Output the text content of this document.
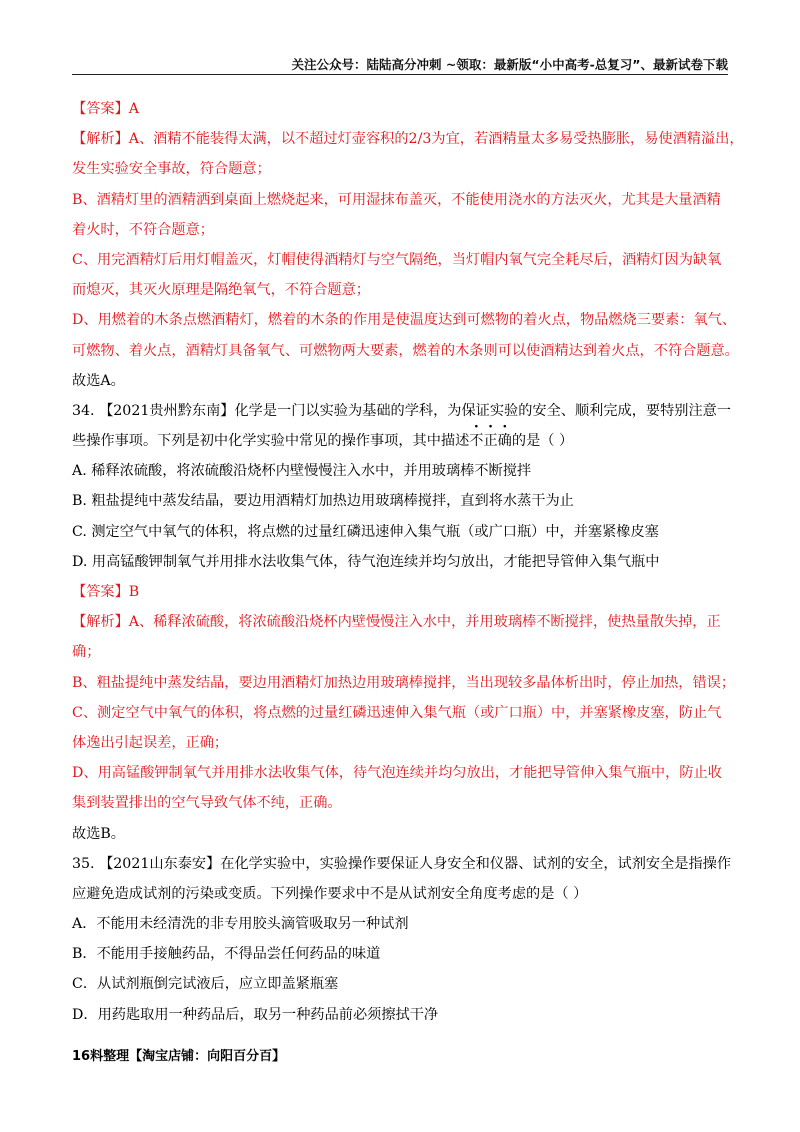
关注公众号：陆陆高分冲刺 ~领取：最新版“小中高考-总复习”、最新试卷下载
【答案】A
【解析】A、酒精不能装得太满，以不超过灯壶容积的2/3为宜，若酒精量太多易受热膨胀，易使酒精溢出，
发生实验安全事故，符合题意；
B、酒精灯里的酒精洒到桌面上燃烧起来，可用湿抹布盖灭，不能使用浇水的方法灭火，尤其是大量酒精
着火时，不符合题意；
C、用完酒精灯后用灯帽盖灭，灯帽使得酒精灯与空气隔绝，当灯帽内氧气完全耗尽后，酒精灯因为缺氧
而熄灭，其灭火原理是隔绝氧气，不符合题意；
D、用燃着的木条点燃酒精灯，燃着的木条的作用是使温度达到可燃物的着火点，物品燃烧三要素：氧气、
可燃物、着火点，酒精灯具备氧气、可燃物两大要素，燃着的木条则可以使酒精达到着火点，不符合题意。
故选A。
34. 【2021贵州黔东南】化学是一门以实验为基础的学科，为保证实验的安全、顺利完成，要特别注意一
些操作事项。下列是初中化学实验中常见的操作事项，其中描述不正确的是（ ）
A. 稀释浓硫酸，将浓硫酸沿烧杯内壁慢慢注入水中，并用玻璃棒不断搅拌
B. 粗盐提纯中蒸发结晶，要边用酒精灯加热边用玻璃棒搅拌，直到将水蒸干为止
C. 测定空气中氧气的体积，将点燃的过量红磷迅速伸入集气瓶（或广口瓶）中，并塞紧橡皮塞
D. 用高锰酸钾制氧气并用排水法收集气体，待气泡连续并均匀放出，才能把导管伸入集气瓶中
【答案】B
【解析】A、稀释浓硫酸，将浓硫酸沿烧杯内壁慢慢注入水中，并用玻璃棒不断搅拌，使热量散失掉，正
确；
B、粗盐提纯中蒸发结晶，要边用酒精灯加热边用玻璃棒搅拌，当出现较多晶体析出时，停止加热，错误；
C、测定空气中氧气的体积，将点燃的过量红磷迅速伸入集气瓶（或广口瓶）中，并塞紧橡皮塞，防止气
体逸出引起误差，正确；
D、用高锰酸钾制氧气并用排水法收集气体，待气泡连续并均匀放出，才能把导管伸入集气瓶中，防止收
集到装置排出的空气导致气体不纯，正确。
故选B。
35. 【2021山东泰安】在化学实验中，实验操作要保证人身安全和仪器、试剂的安全，试剂安全是指操作
应避免造成试剂的污染或变质。下列操作要求中不是从试剂安全角度考虑的是（ ）
A．不能用未经清洗的非专用胶头滴管吸取另一种试剂
B．不能用手接触药品，不得品尝任何药品的味道
C．从试剂瓶倒完试液后，应立即盖紧瓶塞
D．用药匙取用一种药品后，取另一种药品前必须擦拭干净
16料整理【淘宝店铺：向阳百分百】
